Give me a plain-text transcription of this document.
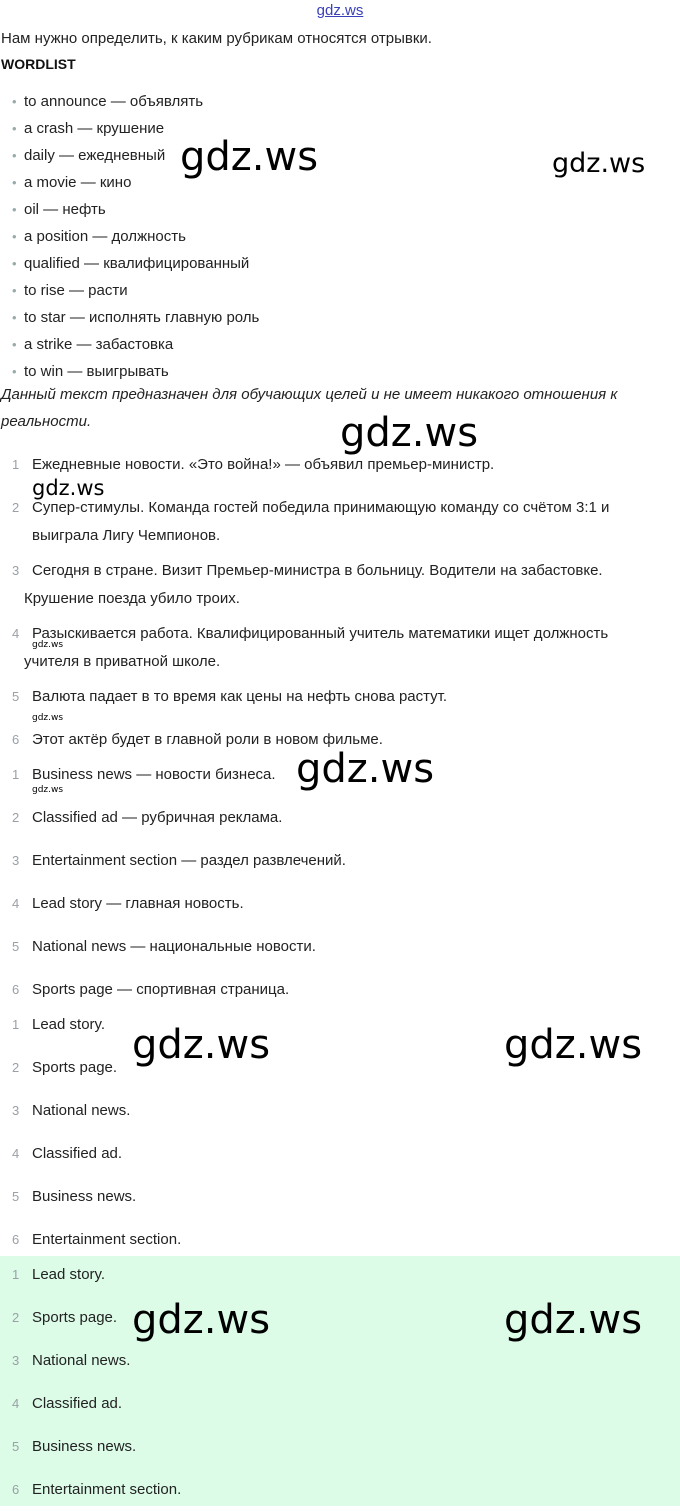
gdz.ws
Нам нужно определить, к каким рубрикам относятся отрывки.
WORDLIST
• to announce — объявлять
• a crash — крушение
• daily — ежедневный
• a movie — кино
• oil — нефть
• a position — должность
• qualified — квалифицированный
• to rise — расти
• to star — исполнять главную роль
• a strike — забастовка
• to win — выигрывать
Данный текст предназначен для обучающих целей и не имеет никакого отношения к реальности.
1 Ежедневные новости. «Это война!» — объявил премьер-министр.
2 Супер-стимулы. Команда гостей победила принимающую команду со счётом 3:1 и
выиграла Лигу Чемпионов.
3 Сегодня в стране. Визит Премьер-министра в больницу. Водители на забастовке.
Крушение поезда убило троих.
4 Разыскивается работа. Квалифицированный учитель математики ищет должность
учителя в приватной школе.
5 Валюта падает в то время как цены на нефть снова растут.
6 Этот актёр будет в главной роли в новом фильме.
1 Business news — новости бизнеса.
2 Classified ad — рубричная реклама.
3 Entertainment section — раздел развлечений.
4 Lead story — главная новость.
5 National news — национальные новости.
6 Sports page — спортивная страница.
1 Lead story.
2 Sports page.
3 National news.
4 Classified ad.
5 Business news.
6 Entertainment section.
1 Lead story.
2 Sports page.
3 National news.
4 Classified ad.
5 Business news.
6 Entertainment section.
gdz.ws	gdz.ws
gdz.ws
gdz.ws
gdz.ws
gdz.ws
gdz.ws
gdz.ws
gdz.ws	gdz.ws
gdz.ws	gdz.ws
